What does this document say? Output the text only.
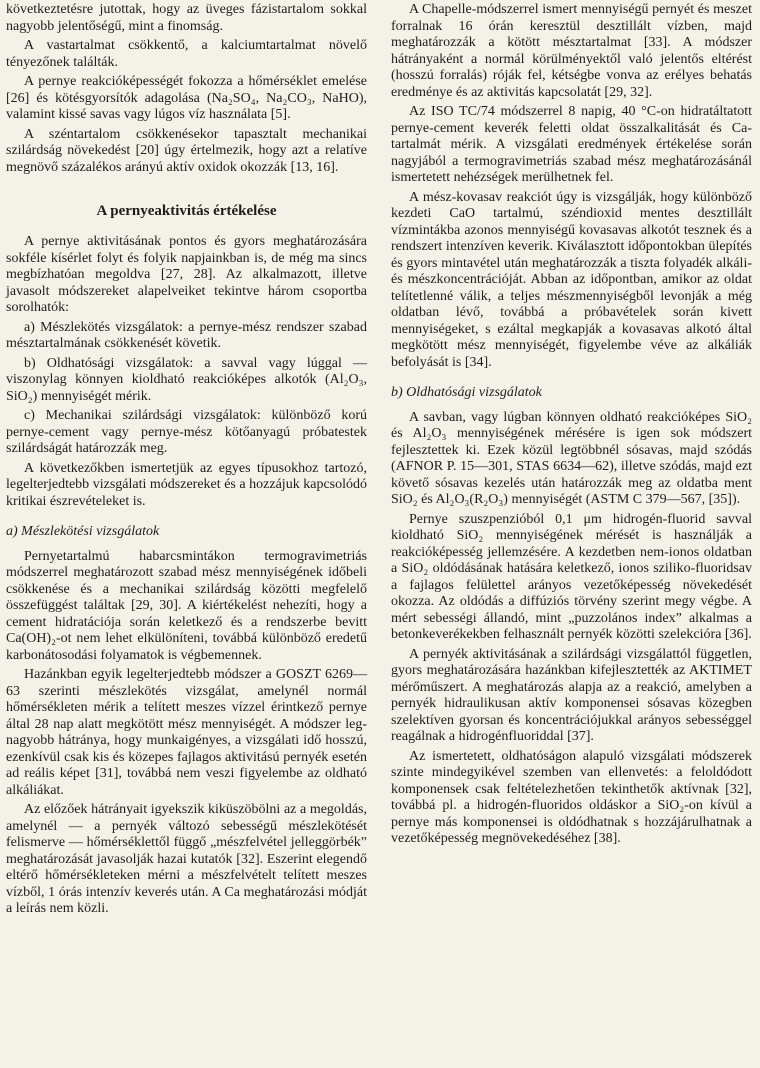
következtetésre jutottak, hogy az üveges fázistartalom sokkal nagyobb jelentőségű, mint a finomság.

A vastartalmat csökkentő, a kalciumtartalmat növelő tényezőnek találták.

A pernye reakcióképességét fokozza a hőmérséklet emelése [26] és kötésgyorsítók adagolása (Na₂SO₄, Na₂CO₃, NaHO), valamint kissé savas vagy lúgos víz használata [5].

A széntartalom csökkenésekor tapasztalt mechanikai szilárdság növekedést [20] úgy értelmezik, hogy azt a relatíve megnövő százalékos arányú aktív oxidok okozzák [13, 16].

A pernyeaktivitás értékelése

A pernye aktivitásának pontos és gyors meghatározására sokféle kísérlet folyt és folyik napjainkban is, de még ma sincs megbízhatóan megoldva [27, 28]. Az alkalmazott, illetve javasolt módszereket alapelveiket tekintve három csoportba sorolhatók:

a) Mészlekötés vizsgálatok: a pernye-mész rendszer szabad mésztartalmának csökkenését követik.

b) Oldhatósági vizsgálatok: a savval vagy lúggal — viszonylag könnyen kioldható reakcióképes alkotók (Al₂O₃, SiO₂) mennyiségét mérik.

c) Mechanikai szilárdsági vizsgálatok: különböző korú pernye-cement vagy pernye-mész kötőanyagú próbatestek szilárdságát határozzák meg.

A következőkben ismertetjük az egyes típusokhoz tartozó, legelterjedtebb vizsgálati módszereket és a hozzájuk kapcsolódó kritikai észrevételeket is.

a) Mészlekötési vizsgálatok

Pernyetartalmú habarcsmintákon termogravimetriás módszerrel meghatározott szabad mész mennyiségének időbeli csökkenése és a mechanikai szilárdság közötti megfelelő összefüggést találtak [29, 30]. A kiértékelést nehezíti, hogy a cement hidratációja során keletkező és a rendszerbe bevitt Ca(OH)₂-ot nem lehet elkülöníteni, továbbá különböző eredetű karbonátosodási folyamatok is végbemennek.

Hazánkban egyik legelterjedtebb módszer a GOSZT 6269—63 szerinti mészlekötés vizsgálat, amelynél normál hőmérsékleten mérik a telített meszes vízzel érintkező pernye által 28 nap alatt megkötött mész mennyiségét. A módszer legnagyobb hátránya, hogy munkaigényes, a vizsgálati idő hosszú, ezenkívül csak kis és közepes fajlagos aktivitású pernyék esetén ad reális képet [31], továbbá nem veszi figyelembe az oldható alkáliákat.

Az előzőek hátrányait igyekszik kiküszöbölni az a megoldás, amelynél — a pernyék változó sebességű mészlekötését felismerve — hőmérséklettől függő „mészfelvétel jelleggörbék” meghatározását javasolják hazai kutatók [32]. Eszerint elegendő eltérő hőmérsékleteken mérni a mészfelvételt telített meszes vízből, 1 órás intenzív keverés után. A Ca meghatározási módját a leírás nem közli.

A Chapelle-módszerrel ismert mennyiségű pernyét és meszet forralnak 16 órán keresztül desztillált vízben, majd meghatározzák a kötött mésztartalmat [33]. A módszer hátrányaként a normál körülményektől való jelentős eltérést (hosszú forralás) róják fel, kétségbe vonva az erélyes behatás eredménye és az aktivitás kapcsolatát [29, 32].

Az ISO TC/74 módszerrel 8 napig, 40 °C-on hidratáltatott pernye-cement keverék feletti oldat összalkalitását és Ca-tartalmát mérik. A vizsgálati eredmények értékelése során nagyjából a termogravimetriás szabad mész meghatározásánál ismertetett nehézségek merülhetnek fel.

A mész-kovasav reakciót úgy is vizsgálják, hogy különböző kezdeti CaO tartalmú, széndioxid mentes desztillált vízmintákba azonos mennyiségű kovasavas alkotót tesznek és a rendszert intenzíven keverik. Kiválasztott időpontokban ülepítés és gyors mintavétel után meghatározzák a tiszta folyadék alkáli- és mészkoncentrációját. Abban az időpontban, amikor az oldat telítetlenné válik, a teljes mészmennyiségből levonják a még oldatban lévő, továbbá a próbavételek során kivett mennyiségeket, s ezáltal megkapják a kovasavas alkotó által megkötött mész mennyiségét, figyelembe véve az alkáliák befolyását is [34].

b) Oldhatósági vizsgálatok

A savban, vagy lúgban könnyen oldható reakcióképes SiO₂ és Al₂O₃ mennyiségének mérésére is igen sok módszert fejlesztettek ki. Ezek közül legtöbbnél sósavas, majd szódás (AFNOR P. 15—301, STAS 6634—62), illetve szódás, majd ezt követő sósavas kezelés után határozzák meg az oldatba ment SiO₂ és Al₂O₃(R₂O₃) mennyiségét (ASTM C 379—567, [35]).

Pernye szuszpenzióból 0,1 μm hidrogén-fluorid savval kioldható SiO₂ mennyiségének mérését is használják a reakcióképesség jellemzésére. A kezdetben nem-ionos oldatban a SiO₂ oldódásának hatására keletkező, ionos sziliko-fluoridsav a fajlagos felülettel arányos vezetőképesség növekedését okozza. Az oldódás a diffúziós törvény szerint megy végbe. A mért sebességi állandó, mint „puzzolános index” alkalmas a betonkeverékekben felhasznált pernyék közötti szelekcióra [36].

A pernyék aktivitásának a szilárdsági vizsgálattól független, gyors meghatározására hazánkban kifejlesztették az AKTIMET mérőműszert. A meghatározás alapja az a reakció, amelyben a pernyék hidraulikusan aktív komponensei sósavas közegben szelektíven gyorsan és koncentrációjukkal arányos sebességgel reagálnak a hidrogénfluoriddal [37].

Az ismertetett, oldhatóságon alapuló vizsgálati módszerek szinte mindegyikével szemben van ellenvetés: a feloldódott komponensek csak feltételezhetően tekinthetők aktívnak [32], továbbá pl. a hidrogén-fluoridos oldáskor a SiO₂-on kívül a pernye más komponensei is oldódhatnak s hozzájárulhatnak a vezetőképesség megnövekedéséhez [38].
